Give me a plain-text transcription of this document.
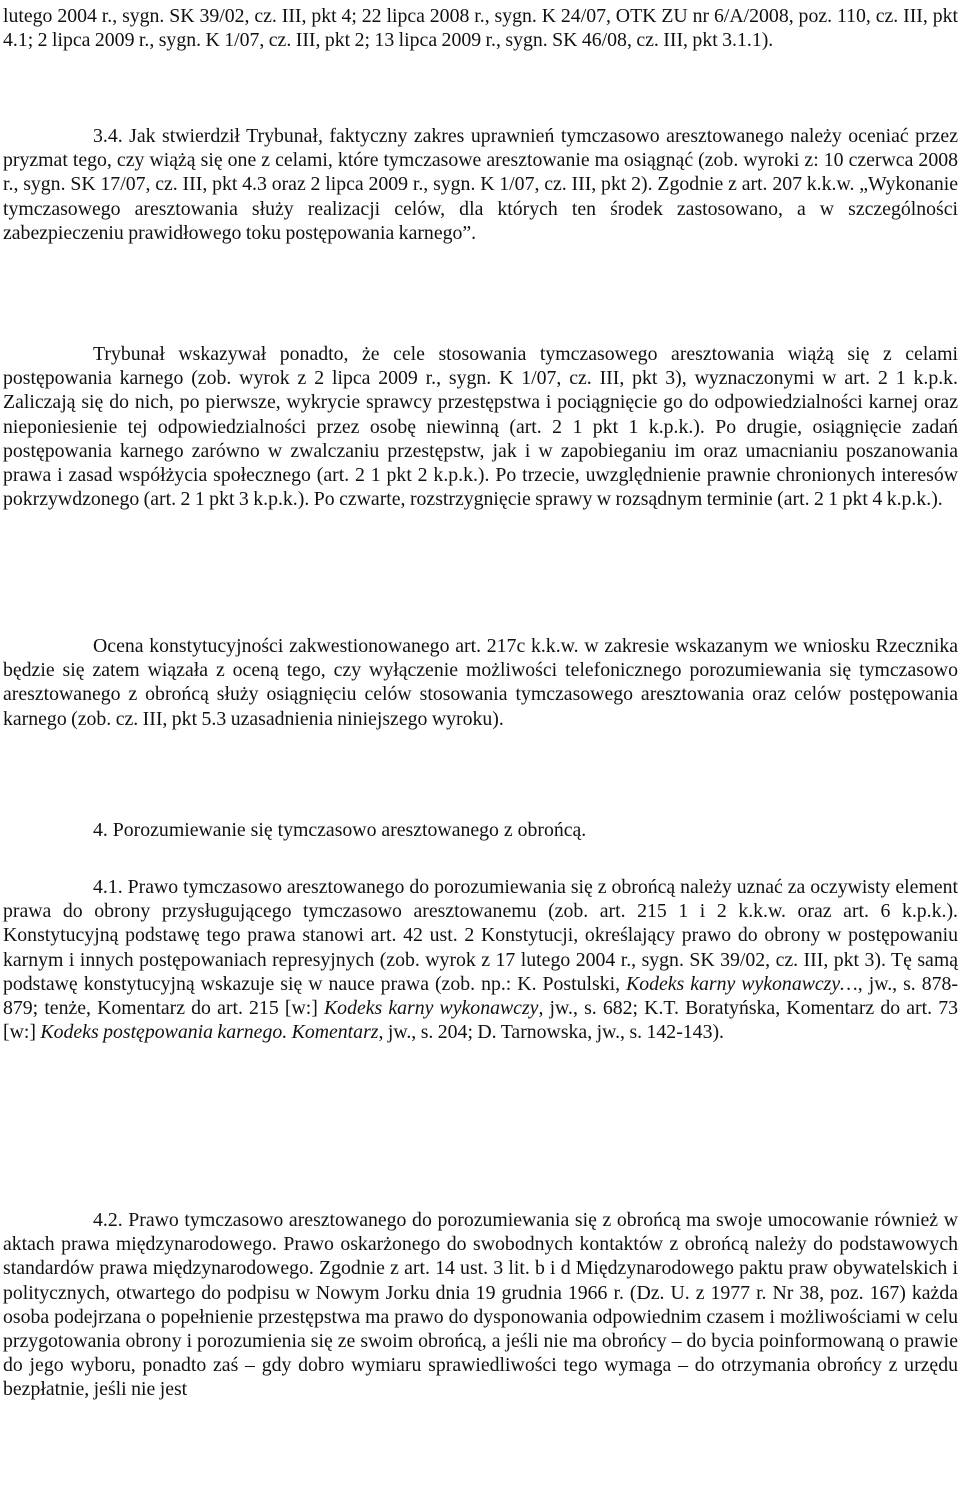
lutego 2004 r., sygn. SK 39/02, cz. III, pkt 4; 22 lipca 2008 r., sygn. K 24/07, OTK ZU nr 6/A/2008, poz. 110, cz. III, pkt 4.1; 2 lipca 2009 r., sygn. K 1/07, cz. III, pkt 2; 13 lipca 2009 r., sygn. SK 46/08, cz. III, pkt 3.1.1).

3.4. Jak stwierdził Trybunał, faktyczny zakres uprawnień tymczasowo aresztowanego należy oceniać przez pryzmat tego, czy wiążą się one z celami, które tymczasowe aresztowanie ma osiągnąć (zob. wyroki z: 10 czerwca 2008 r., sygn. SK 17/07, cz. III, pkt 4.3 oraz 2 lipca 2009 r., sygn. K 1/07, cz. III, pkt 2). Zgodnie z art. 207 k.k.w. „Wykonanie tymczasowego aresztowania służy realizacji celów, dla których ten środek zastosowano, a w szczególności zabezpieczeniu prawidłowego toku postępowania karnego”.

Trybunał wskazywał ponadto, że cele stosowania tymczasowego aresztowania wiążą się z celami postępowania karnego (zob. wyrok z 2 lipca 2009 r., sygn. K 1/07, cz. III, pkt 3), wyznaczonymi w art. 2 1 k.p.k. Zaliczają się do nich, po pierwsze, wykrycie sprawcy przestępstwa i pociągnięcie go do odpowiedzialności karnej oraz nieponiesienie tej odpowiedzialności przez osobę niewinną (art. 2 1 pkt 1 k.p.k.). Po drugie, osiągnięcie zadań postępowania karnego zarówno w zwalczaniu przestępstw, jak i w zapobieganiu im oraz umacnianiu poszanowania prawa i zasad współżycia społecznego (art. 2 1 pkt 2 k.p.k.). Po trzecie, uwzględnienie prawnie chronionych interesów pokrzywdzonego (art. 2 1 pkt 3 k.p.k.). Po czwarte, rozstrzygnięcie sprawy w rozsądnym terminie (art. 2 1 pkt 4 k.p.k.).

Ocena konstytucyjności zakwestionowanego art. 217c k.k.w. w zakresie wskazanym we wniosku Rzecznika będzie się zatem wiązała z oceną tego, czy wyłączenie możliwości telefonicznego porozumiewania się tymczasowo aresztowanego z obrońcą służy osiągnięciu celów stosowania tymczasowego aresztowania oraz celów postępowania karnego (zob. cz. III, pkt 5.3 uzasadnienia niniejszego wyroku).

4. Porozumiewanie się tymczasowo aresztowanego z obrońcą.

4.1. Prawo tymczasowo aresztowanego do porozumiewania się z obrońcą należy uznać za oczywisty element prawa do obrony przysługującego tymczasowo aresztowanemu (zob. art. 215 1 i 2 k.k.w. oraz art. 6 k.p.k.). Konstytucyjną podstawę tego prawa stanowi art. 42 ust. 2 Konstytucji, określający prawo do obrony w postępowaniu karnym i innych postępowaniach represyjnych (zob. wyrok z 17 lutego 2004 r., sygn. SK 39/02, cz. III, pkt 3). Tę samą podstawę konstytucyjną wskazuje się w nauce prawa (zob. np.: K. Postulski, Kodeks karny wykonawczy…, jw., s. 878-879; tenże, Komentarz do art. 215 [w:] Kodeks karny wykonawczy, jw., s. 682; K.T. Boratyńska, Komentarz do art. 73 [w:] Kodeks postępowania karnego. Komentarz, jw., s. 204; D. Tarnowska, jw., s. 142-143).

4.2. Prawo tymczasowo aresztowanego do porozumiewania się z obrońcą ma swoje umocowanie również w aktach prawa międzynarodowego. Prawo oskarżonego do swobodnych kontaktów z obrońcą należy do podstawowych standardów prawa międzynarodowego. Zgodnie z art. 14 ust. 3 lit. b i d Międzynarodowego paktu praw obywatelskich i politycznych, otwartego do podpisu w Nowym Jorku dnia 19 grudnia 1966 r. (Dz. U. z 1977 r. Nr 38, poz. 167) każda osoba podejrzana o popełnienie przestępstwa ma prawo do dysponowania odpowiednim czasem i możliwościami w celu przygotowania obrony i porozumienia się ze swoim obrońcą, a jeśli nie ma obrońcy – do bycia poinformowaną o prawie do jego wyboru, ponadto zaś – gdy dobro wymiaru sprawiedliwości tego wymaga – do otrzymania obrońcy z urzędu bezpłatnie, jeśli nie jest
